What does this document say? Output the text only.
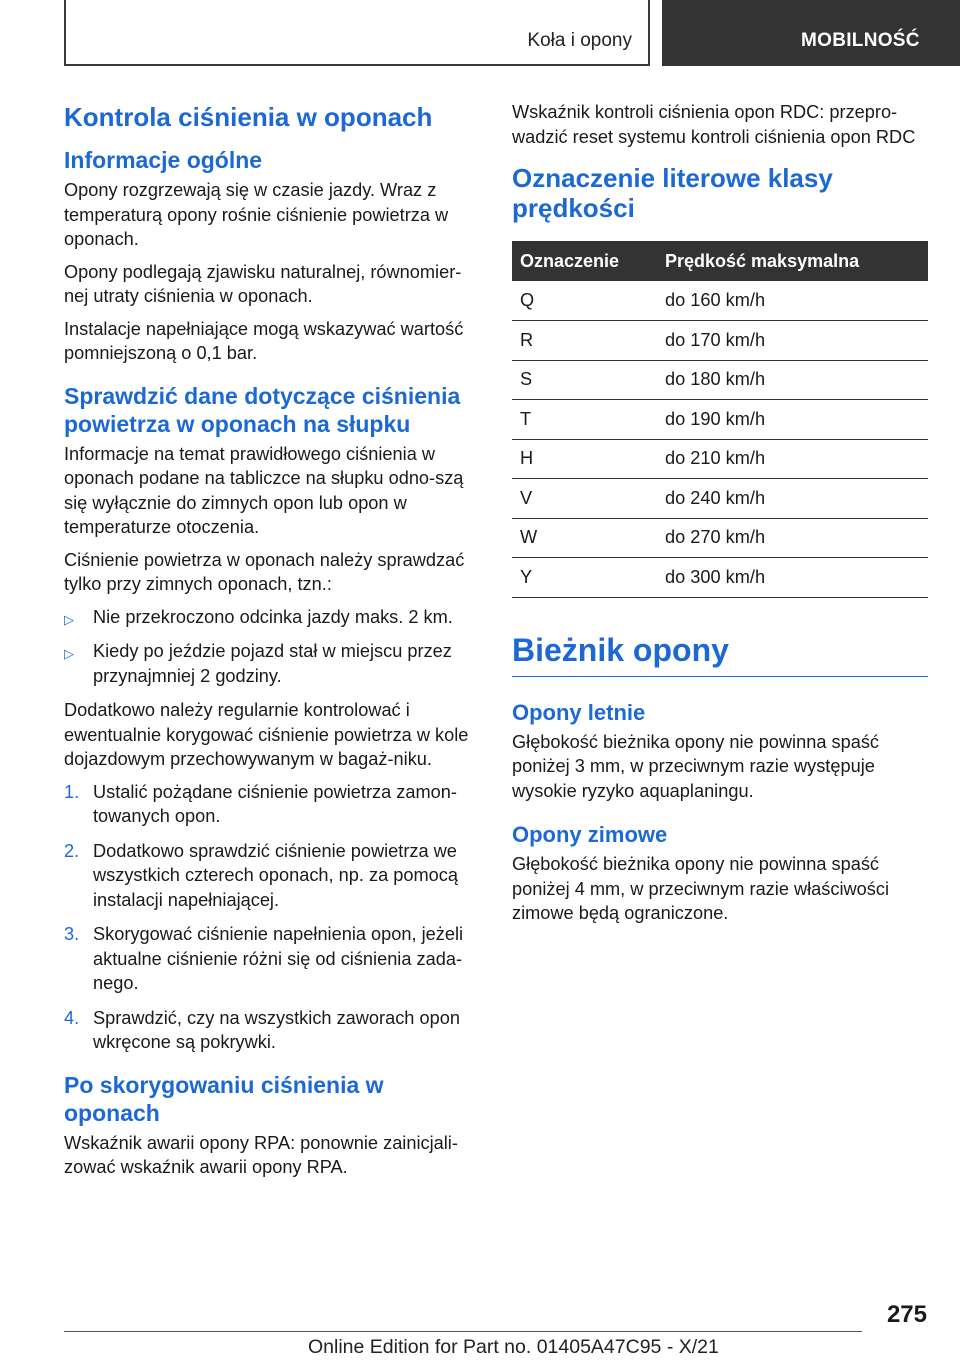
Koła i opony	MOBILNOŚĆ
Kontrola ciśnienia w oponach
Informacje ogólne

Opony rozgrzewają się w czasie jazdy. Wraz z temperaturą opony rośnie ciśnienie powietrza w oponach.

Opony podlegają zjawisku naturalnej, równomier‐nej utraty ciśnienia w oponach.

Instalacje napełniające mogą wskazywać wartość pomniejszoną o 0,1 bar.

Sprawdzić dane dotyczące ciśnienia powietrza w oponach na słupku

Informacje na temat prawidłowego ciśnienia w oponach podane na tabliczce na słupku odno‐szą się wyłącznie do zimnych opon lub opon w temperaturze otoczenia.

Ciśnienie powietrza w oponach należy sprawdzać tylko przy zimnych oponach, tzn.:

▷ Nie przekroczono odcinka jazdy maks. 2 km.
▷ Kiedy po jeździe pojazd stał w miejscu przez przynajmniej 2 godziny.

Dodatkowo należy regularnie kontrolować i ewentualnie korygować ciśnienie powietrza w kole dojazdowym przechowywanym w bagaż‐niku.

1. Ustalić pożądane ciśnienie powietrza zamon‐towanych opon.
2. Dodatkowo sprawdzić ciśnienie powietrza we wszystkich czterech oponach, np. za pomocą instalacji napełniającej.
3. Skorygować ciśnienie napełnienia opon, jeżeli aktualne ciśnienie różni się od ciśnienia zada‐nego.
4. Sprawdzić, czy na wszystkich zaworach opon wkręcone są pokrywki.
Po skorygowaniu ciśnienia w oponach

Wskaźnik awarii opony RPA: ponownie zainicjali‐zować wskaźnik awarii opony RPA.

Wskaźnik kontroli ciśnienia opon RDC: przepro‐wadzić reset systemu kontroli ciśnienia opon RDC

Oznaczenie literowe klasy prędkości
Oznaczenie	Prędkość maksymalna
Q	do 160 km/h
R	do 170 km/h
S	do 180 km/h
T	do 190 km/h
H	do 210 km/h
V	do 240 km/h
W	do 270 km/h
Y	do 300 km/h
Bieżnik opony
Opony letnie

Głębokość bieżnika opony nie powinna spaść poniżej 3 mm, w przeciwnym razie występuje wysokie ryzyko aquaplaningu.

Opony zimowe

Głębokość bieżnika opony nie powinna spaść poniżej 4 mm, w przeciwnym razie właściwości zimowe będą ograniczone.

275
Online Edition for Part no. 01405A47C95 - X/21
